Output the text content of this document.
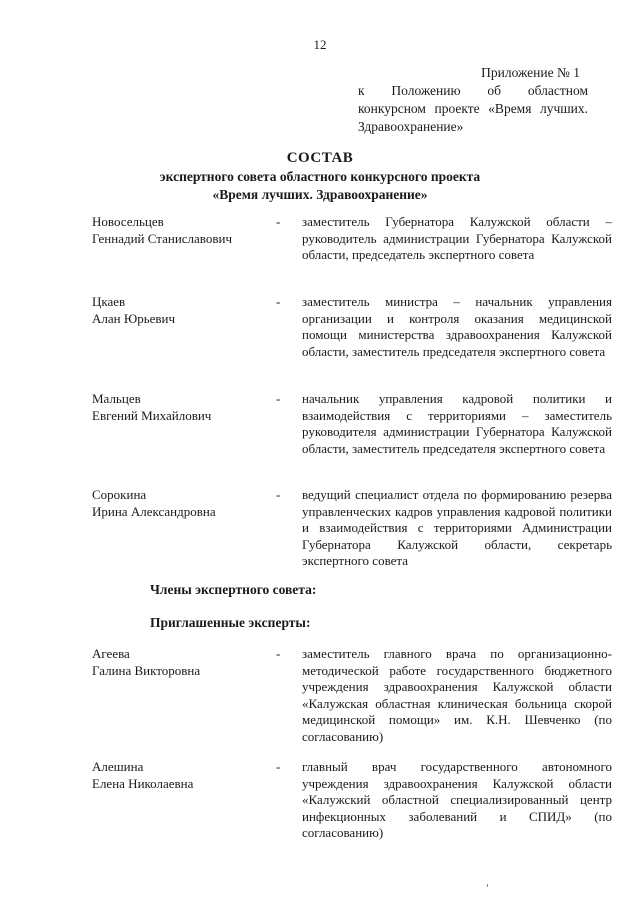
12
Приложение № 1
к Положению об областном
конкурсном проекте «Время лучших.
Здравоохранение»
СОСТАВ
экспертного совета областного конкурсного проекта
«Время лучших. Здравоохранение»
Новосельцев
Геннадий Станиславович
- заместитель Губернатора Калужской области – руководитель администрации Губернатора Калужской области, председатель экспертного совета
Цкаев
Алан Юрьевич
- заместитель министра – начальник управления организации и контроля оказания медицинской помощи министерства здравоохранения Калужской области, заместитель председателя экспертного совета
Мальцев
Евгений Михайлович
- начальник управления кадровой политики и взаимодействия с территориями – заместитель руководителя администрации Губернатора Калужской области, заместитель председателя экспертного совета
Сорокина
Ирина Александровна
- ведущий специалист отдела по формированию резерва управленческих кадров управления кадровой политики и взаимодействия с территориями Администрации Губернатора Калужской области, секретарь экспертного совета
Члены экспертного совета:
Приглашенные эксперты:
Агеева
Галина Викторовна
- заместитель главного врача по организационно-методической работе государственного бюджетного учреждения здравоохранения Калужской области «Калужская областная клиническая больница скорой медицинской помощи» им. К.Н. Шевченко (по согласованию)
Алешина
Елена Николаевна
- главный врач государственного автономного учреждения здравоохранения Калужской области «Калужский областной специализированный центр инфекционных заболеваний и СПИД» (по согласованию)
